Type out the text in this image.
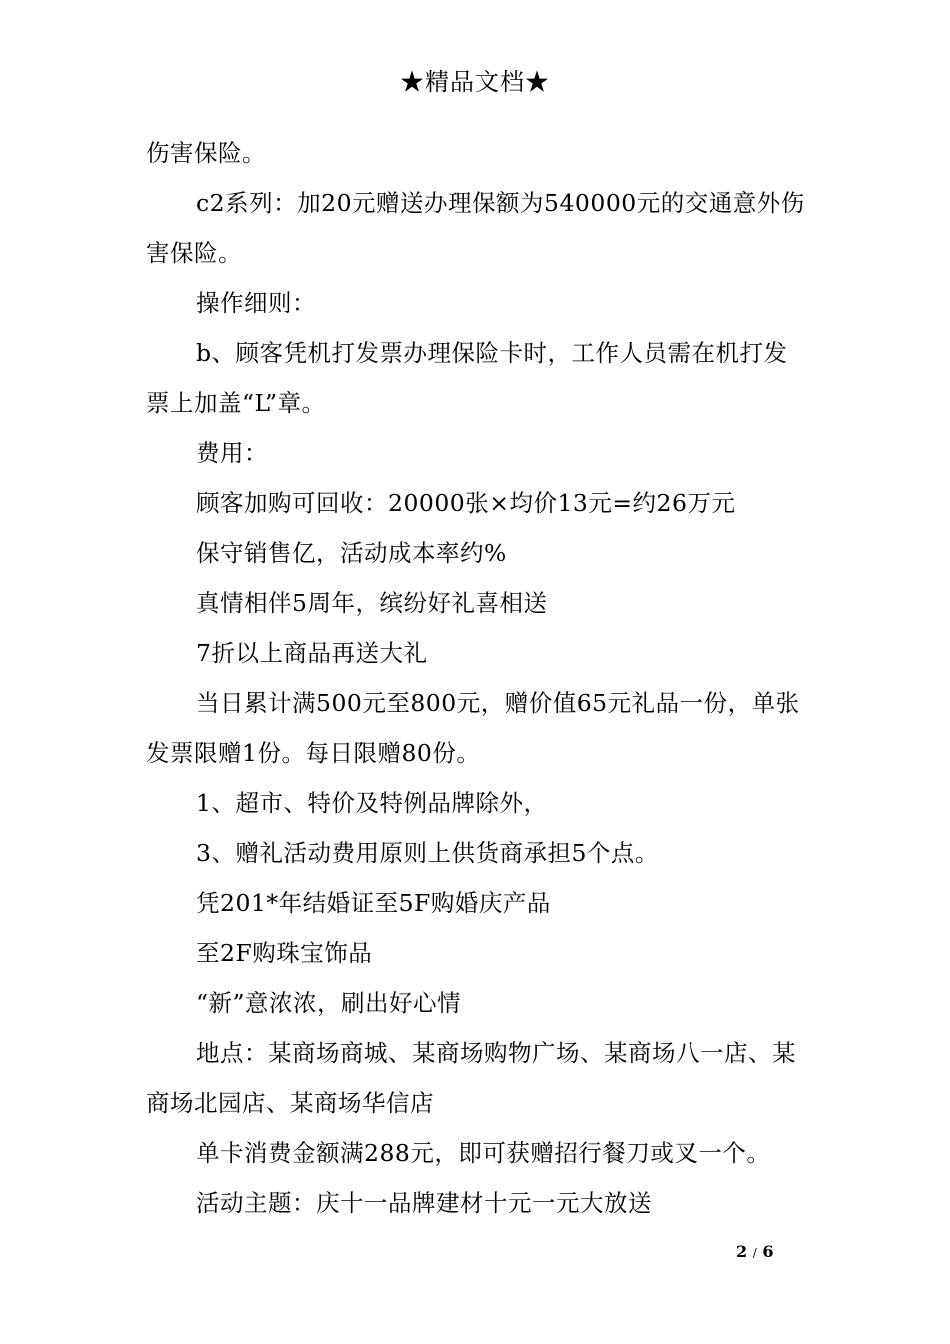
★精品文档★

伤害保险。

c2系列：加20元赠送办理保额为540000元的交通意外伤害保险。

操作细则：

b、顾客凭机打发票办理保险卡时，工作人员需在机打发票上加盖“L”章。

费用：

顾客加购可回收：20000张×均价13元=约26万元

保守销售亿，活动成本率约%

真情相伴5周年，缤纷好礼喜相送

7折以上商品再送大礼

当日累计满500元至800元，赠价值65元礼品一份，单张发票限赠1份。每日限赠80份。

1、超市、特价及特例品牌除外，

3、赠礼活动费用原则上供货商承担5个点。

凭201*年结婚证至5F购婚庆产品

至2F购珠宝饰品

“新”意浓浓，刷出好心情

地点：某商场商城、某商场购物广场、某商场八一店、某商场北园店、某商场华信店

单卡消费金额满288元，即可获赠招行餐刀或叉一个。

活动主题：庆十一品牌建材十元一元大放送

2 / 6
